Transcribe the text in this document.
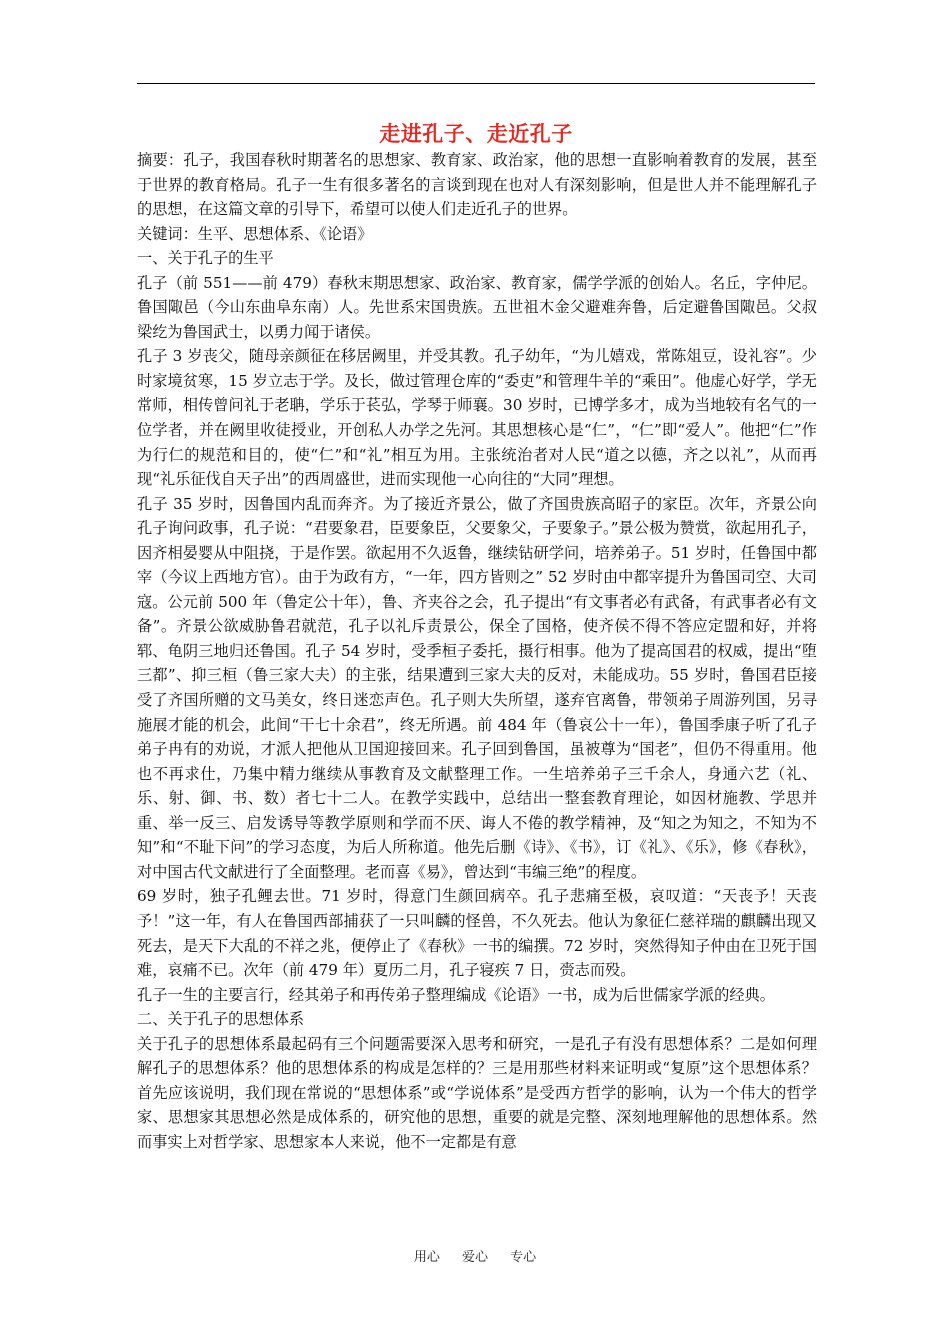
走进孔子、走近孔子

摘要：孔子，我国春秋时期著名的思想家、教育家、政治家，他的思想一直影响着教育的发展，甚至于世界的教育格局。孔子一生有很多著名的言谈到现在也对人有深刻影响，但是世人并不能理解孔子的思想，在这篇文章的引导下，希望可以使人们走近孔子的世界。

关键词：生平、思想体系、《论语》

一、关于孔子的生平

孔子（前 551——前 479）春秋末期思想家、政治家、教育家，儒学学派的创始人。名丘，字仲尼。鲁国陬邑（今山东曲阜东南）人。先世系宋国贵族。五世祖木金父避难奔鲁，后定避鲁国陬邑。父叔梁纥为鲁国武士，以勇力闻于诸侯。

孔子 3 岁丧父，随母亲颜征在移居阙里，并受其教。孔子幼年，“为儿嬉戏，常陈俎豆，设礼容”。少时家境贫寒，15 岁立志于学。及长，做过管理仓库的“委吏”和管理牛羊的“乘田”。他虚心好学，学无常师，相传曾问礼于老聃，学乐于苌弘，学琴于师襄。30 岁时，已博学多才，成为当地较有名气的一位学者，并在阙里收徒授业，开创私人办学之先河。其思想核心是“仁”，“仁”即“爱人”。他把“仁”作为行仁的规范和目的，使“仁”和“礼”相互为用。主张统治者对人民“道之以德，齐之以礼”，从而再现“礼乐征伐自天子出”的西周盛世，进而实现他一心向往的“大同”理想。

孔子 35 岁时，因鲁国内乱而奔齐。为了接近齐景公，做了齐国贵族高昭子的家臣。次年，齐景公向孔子询问政事，孔子说：“君要象君，臣要象臣，父要象父，子要象子。”景公极为赞赏，欲起用孔子，因齐相晏婴从中阻挠，于是作罢。欲起用不久返鲁，继续钻研学问，培养弟子。51 岁时，任鲁国中都宰（今议上西地方官）。由于为政有方，“一年，四方皆则之” 52 岁时由中都宰提升为鲁国司空、大司寇。公元前 500 年（鲁定公十年），鲁、齐夹谷之会，孔子提出“有文事者必有武备，有武事者必有文备”。齐景公欲威胁鲁君就范，孔子以礼斥责景公，保全了国格，使齐侯不得不答应定盟和好，并将郓、龟阴三地归还鲁国。孔子 54 岁时，受季桓子委托，摄行相事。他为了提高国君的权威，提出“堕三都”、抑三桓（鲁三家大夫）的主张，结果遭到三家大夫的反对，未能成功。55 岁时，鲁国君臣接受了齐国所赠的文马美女，终日迷恋声色。孔子则大失所望，遂弃官离鲁，带领弟子周游列国，另寻施展才能的机会，此间“干七十余君”，终无所遇。前 484 年（鲁哀公十一年），鲁国季康子听了孔子弟子冉有的劝说，才派人把他从卫国迎接回来。孔子回到鲁国，虽被尊为“国老”，但仍不得重用。他也不再求仕，乃集中精力继续从事教育及文献整理工作。一生培养弟子三千余人，身通六艺（礼、乐、射、御、书、数）者七十二人。在教学实践中，总结出一整套教育理论，如因材施教、学思并重、举一反三、启发诱导等教学原则和学而不厌、诲人不倦的教学精神，及“知之为知之，不知为不知”和“不耻下问”的学习态度，为后人所称道。他先后删《诗》、《书》，订《礼》、《乐》，修《春秋》，对中国古代文献进行了全面整理。老而喜《易》，曾达到“韦编三绝”的程度。

69 岁时，独子孔鲤去世。71 岁时，得意门生颜回病卒。孔子悲痛至极，哀叹道：“天丧予！天丧予！”这一年，有人在鲁国西部捕获了一只叫麟的怪兽，不久死去。他认为象征仁慈祥瑞的麒麟出现又死去，是天下大乱的不祥之兆，便停止了《春秋》一书的编撰。72 岁时，突然得知子仲由在卫死于国难，哀痛不已。次年（前 479 年）夏历二月，孔子寝疾 7 日，赍志而殁。

孔子一生的主要言行，经其弟子和再传弟子整理编成《论语》一书，成为后世儒家学派的经典。

二、关于孔子的思想体系

关于孔子的思想体系最起码有三个问题需要深入思考和研究，一是孔子有没有思想体系？二是如何理解孔子的思想体系？他的思想体系的构成是怎样的？三是用那些材料来证明或“复原”这个思想体系？首先应该说明，我们现在常说的“思想体系”或“学说体系”是受西方哲学的影响，认为一个伟大的哲学家、思想家其思想必然是成体系的，研究他的思想，重要的就是完整、深刻地理解他的思想体系。然而事实上对哲学家、思想家本人来说，他不一定都是有意

用心 爱心 专心
